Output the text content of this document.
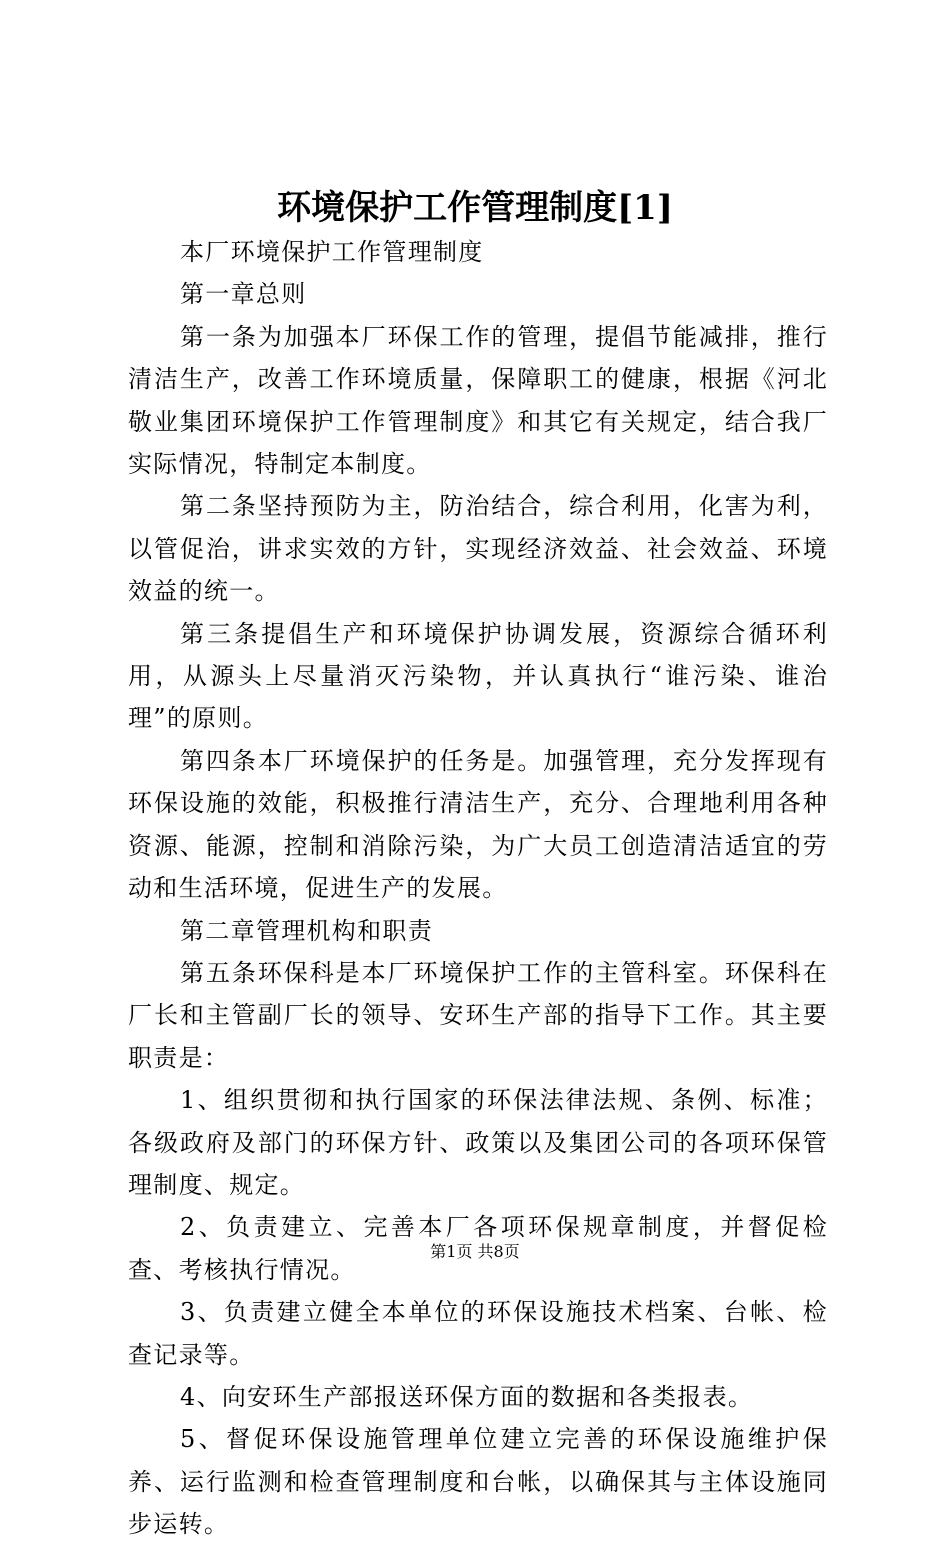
环境保护工作管理制度[1]

本厂环境保护工作管理制度

第一章总则

第一条为加强本厂环保工作的管理，提倡节能减排，推行清洁生产，改善工作环境质量，保障职工的健康，根据《河北敬业集团环境保护工作管理制度》和其它有关规定，结合我厂实际情况，特制定本制度。

第二条坚持预防为主，防治结合，综合利用，化害为利，以管促治，讲求实效的方针，实现经济效益、社会效益、环境效益的统一。

第三条提倡生产和环境保护协调发展，资源综合循环利用，从源头上尽量消灭污染物，并认真执行“谁污染、谁治理”的原则。

第四条本厂环境保护的任务是。加强管理，充分发挥现有环保设施的效能，积极推行清洁生产，充分、合理地利用各种资源、能源，控制和消除污染，为广大员工创造清洁适宜的劳动和生活环境，促进生产的发展。

第二章管理机构和职责

第五条环保科是本厂环境保护工作的主管科室。环保科在厂长和主管副厂长的领导、安环生产部的指导下工作。其主要职责是：

1、组织贯彻和执行国家的环保法律法规、条例、标准；各级政府及部门的环保方针、政策以及集团公司的各项环保管理制度、规定。

2、负责建立、完善本厂各项环保规章制度，并督促检查、考核执行情况。

3、负责建立健全本单位的环保设施技术档案、台帐、检查记录等。

4、向安环生产部报送环保方面的数据和各类报表。

5、督促环保设施管理单位建立完善的环保设施维护保养、运行监测和检查管理制度和台帐，以确保其与主体设施同步运转。

第1页 共8页
